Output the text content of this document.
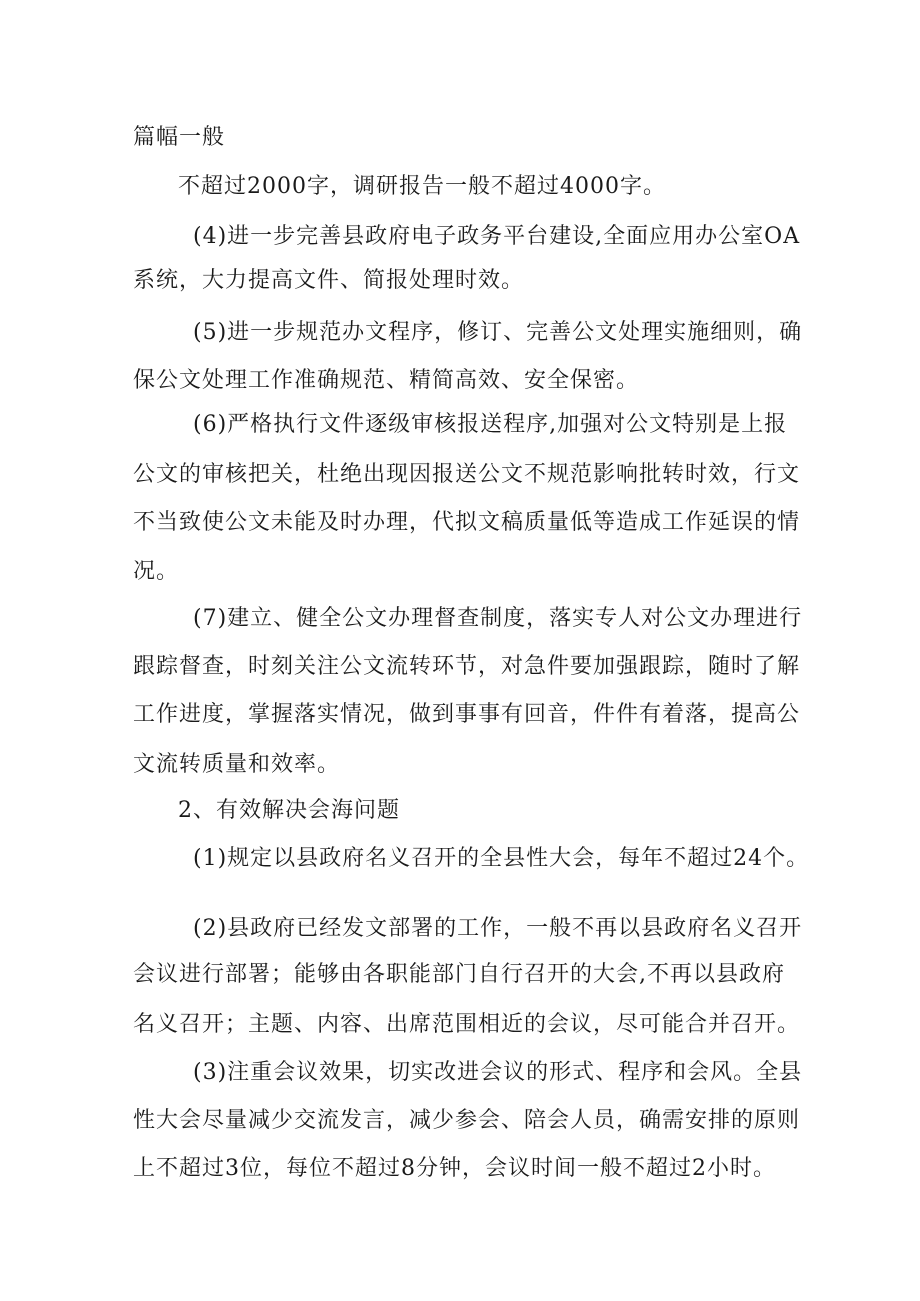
篇幅一般

不超过2000字，调研报告一般不超过4000字。

(4)进一步完善县政府电子政务平台建设,全面应用办公室OA

系统，大力提高文件、简报处理时效。

(5)进一步规范办文程序，修订、完善公文处理实施细则，确

保公文处理工作准确规范、精简高效、安全保密。

(6)严格执行文件逐级审核报送程序,加强对公文特别是上报

公文的审核把关，杜绝出现因报送公文不规范影响批转时效，行文

不当致使公文未能及时办理，代拟文稿质量低等造成工作延误的情

况。

(7)建立、健全公文办理督查制度，落实专人对公文办理进行

跟踪督查，时刻关注公文流转环节，对急件要加强跟踪，随时了解

工作进度，掌握落实情况，做到事事有回音，件件有着落，提高公

文流转质量和效率。

2、有效解决会海问题

(1)规定以县政府名义召开的全县性大会，每年不超过24个。

(2)县政府已经发文部署的工作，一般不再以县政府名义召开

会议进行部署；能够由各职能部门自行召开的大会,不再以县政府

名义召开；主题、内容、出席范围相近的会议，尽可能合并召开。

(3)注重会议效果，切实改进会议的形式、程序和会风。全县

性大会尽量减少交流发言，减少参会、陪会人员，确需安排的原则

上不超过3位，每位不超过8分钟，会议时间一般不超过2小时。
